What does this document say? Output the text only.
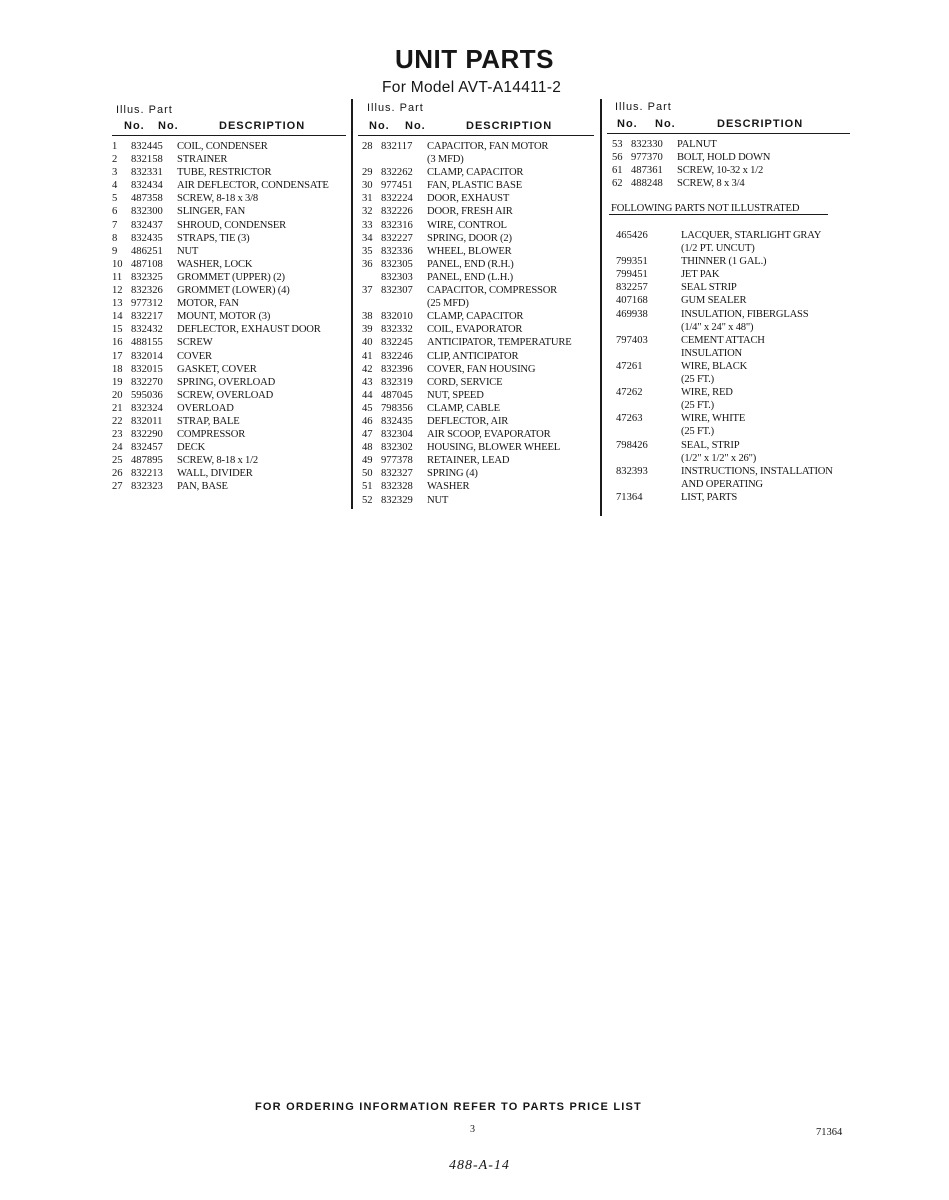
UNIT PARTS
For Model AVT-A14411-2
Illus. Part
No. No.	DESCRIPTION
1 832445 COIL, CONDENSER
2 832158 STRAINER
3 832331 TUBE, RESTRICTOR
4 832434 AIR DEFLECTOR, CONDENSATE
5 487358 SCREW, 8-18 x 3/8
6 832300 SLINGER, FAN
7 832437 SHROUD, CONDENSER
8 832435 STRAPS, TIE (3)
9 486251 NUT
10 487108 WASHER, LOCK
11 832325 GROMMET (UPPER) (2)
12 832326 GROMMET (LOWER) (4)
13 977312 MOTOR, FAN
14 832217 MOUNT, MOTOR (3)
15 832432 DEFLECTOR, EXHAUST DOOR
16 488155 SCREW
17 832014 COVER
18 832015 GASKET, COVER
19 832270 SPRING, OVERLOAD
20 595036 SCREW, OVERLOAD
21 832324 OVERLOAD
22 832011 STRAP, BALE
23 832290 COMPRESSOR
24 832457 DECK
25 487895 SCREW, 8-18 x 1/2
26 832213 WALL, DIVIDER
27 832323 PAN, BASE
Illus. Part
No. No.	DESCRIPTION
28 832117 CAPACITOR, FAN MOTOR
(3 MFD)
29 832262 CLAMP, CAPACITOR
30 977451 FAN, PLASTIC BASE
31 832224 DOOR, EXHAUST
32 832226 DOOR, FRESH AIR
33 832316 WIRE, CONTROL
34 832227 SPRING, DOOR (2)
35 832336 WHEEL, BLOWER
36 832305 PANEL, END (R.H.)
832303 PANEL, END (L.H.)
37 832307 CAPACITOR, COMPRESSOR
(25 MFD)
38 832010 CLAMP, CAPACITOR
39 832332 COIL, EVAPORATOR
40 832245 ANTICIPATOR, TEMPERATURE
41 832246 CLIP, ANTICIPATOR
42 832396 COVER, FAN HOUSING
43 832319 CORD, SERVICE
44 487045 NUT, SPEED
45 798356 CLAMP, CABLE
46 832435 DEFLECTOR, AIR
47 832304 AIR SCOOP, EVAPORATOR
48 832302 HOUSING, BLOWER WHEEL
49 977378 RETAINER, LEAD
50 832327 SPRING (4)
51 832328 WASHER
52 832329 NUT
Illus. Part
No. No.	DESCRIPTION
53 832330 PALNUT
56 977370 BOLT, HOLD DOWN
61 487361 SCREW, 10-32 x 1/2
62 488248 SCREW, 8 x 3/4
FOLLOWING PARTS NOT ILLUSTRATED
465426	LACQUER, STARLIGHT GRAY
(1/2 PT. UNCUT)
799351	THINNER (1 GAL.)
799451	JET PAK
832257	SEAL STRIP
407168	GUM SEALER
469938	INSULATION, FIBERGLASS
(1/4" x 24" x 48")
797403	CEMENT ATTACH
INSULATION
47261	WIRE, BLACK
(25 FT.)
47262	WIRE, RED
(25 FT.)
47263	WIRE, WHITE
(25 FT.)
798426	SEAL, STRIP
(1/2" x 1/2" x 26")
832393	INSTRUCTIONS, INSTALLATION
AND OPERATING
71364	LIST, PARTS
FOR ORDERING INFORMATION REFER TO PARTS PRICE LIST
3	71364
488-A-14
